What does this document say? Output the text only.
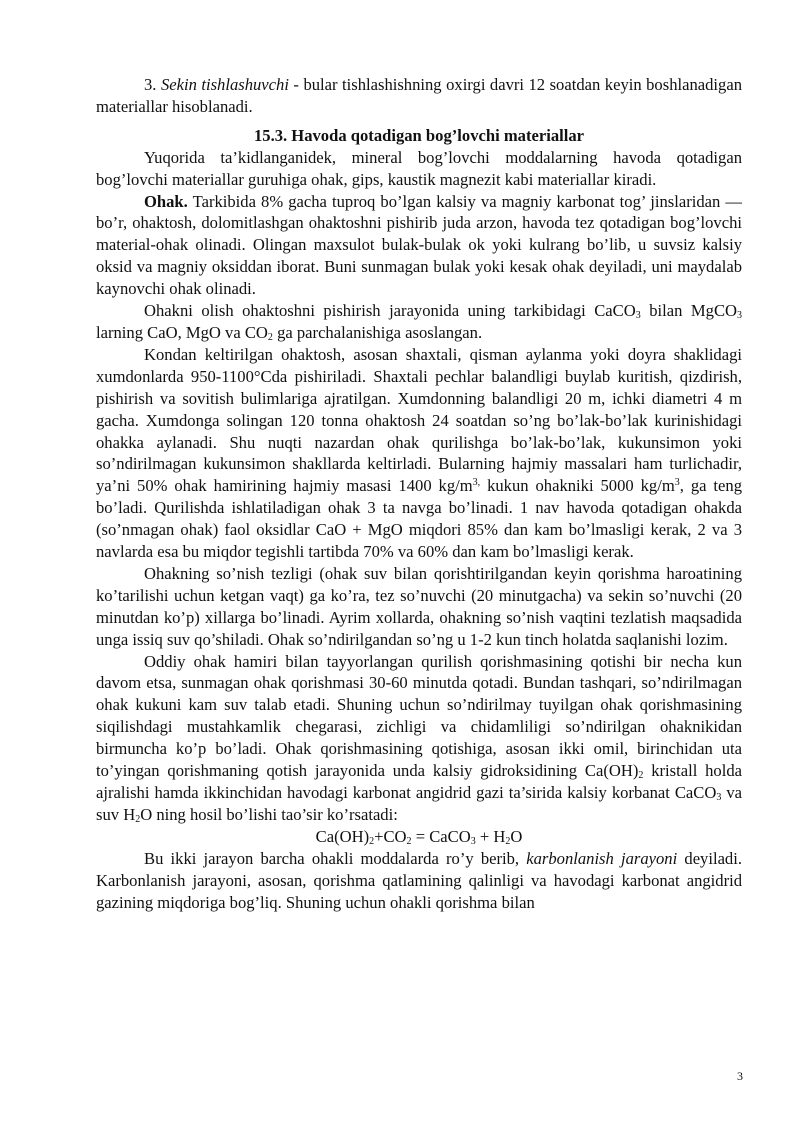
3. Sekin tishlashuvchi - bular tishlashishning oxirgi davri 12 soatdan keyin boshlanadigan materiallar hisoblanadi.

15.3. Havoda qotadigan bog’lovchi materiallar

Yuqorida ta’kidlanganidek, mineral bog’lovchi moddalarning havoda qotadigan bog’lovchi materiallar guruhiga ohak, gips, kaustik magnezit kabi materiallar kiradi.

Ohak. Tarkibida 8% gacha tuproq bo’lgan kalsiy va magniy karbonat tog’ jinslaridan — bo’r, ohaktosh, dolomitlashgan ohaktoshni pishirib juda arzon, havoda tez qotadigan bog’lovchi material-ohak olinadi. Olingan maxsulot bulak-bulak ok yoki kulrang bo’lib, u suvsiz kalsiy oksid va magniy oksiddan iborat. Buni sunmagan bulak yoki kesak ohak deyiladi, uni maydalab kaynovchi ohak olinadi.

Ohakni olish ohaktoshni pishirish jarayonida uning tarkibidagi CaCO$_3$ bilan MgCO$_3$ larning CaO, MgO va $CO_2$ ga parchalanishiga asoslangan.

Kondan keltirilgan ohaktosh, asosan shaxtali, qisman aylanma yoki doyra shaklidagi xumdonlarda 950-1100°Cda pishiriladi. Shaxtali pechlar balandligi buylab kuritish, qizdirish, pishirish va sovitish bulimlariga ajratilgan. Xumdonning balandligi 20 m, ichki diametri 4 m gacha. Xumdonga solingan 120 tonna ohaktosh 24 soatdan so’ng bo’lak-bo’lak kurinishidagi ohakka aylanadi. Shu nuqti nazardan ohak qurilishga bo’lak-bo’lak, kukunsimon yoki so’ndirilmagan kukunsimon shakllarda keltirladi. Bularning hajmiy massalari ham turlichadir, ya’ni 50% ohak hamirining hajmiy masasi 1400 $kg/m^{3,}$ kukun ohakniki 5000 $kg/m^3$, ga teng bo’ladi. Qurilishda ishlatiladigan ohak 3 ta navga bo’linadi. 1 nav havoda qotadigan ohakda (so’nmagan ohak) faol oksidlar CaO + MgO miqdori 85% dan kam bo’lmasligi kerak, 2 va 3 navlarda esa bu miqdor tegishli tartibda 70% va 60% dan kam bo’lmasligi kerak.

Ohakning so’nish tezligi (ohak suv bilan qorishtirilgandan keyin qorishma haroatining ko’tarilishi uchun ketgan vaqt) ga ko’ra, tez so’nuvchi (20 minutgacha) va sekin so’nuvchi (20 minutdan ko’p) xillarga bo’linadi. Ayrim xollarda, ohakning so’nish vaqtini tezlatish maqsadida unga issiq suv qo’shiladi. Ohak so’ndirilgandan so’ng u 1-2 kun tinch holatda saqlanishi lozim.

Oddiy ohak hamiri bilan tayyorlangan qurilish qorishmasining qotishi bir necha kun davom etsa, sunmagan ohak qorishmasi 30-60 minutda qotadi. Bundan tashqari, so’ndirilmagan ohak kukuni kam suv talab etadi. Shuning uchun so’ndirilmay tuyilgan ohak qorishmasining siqilishdagi mustahkamlik chegarasi, zichligi va chidamliligi so’ndirilgan ohaknikidan birmuncha ko’p bo’ladi. Ohak qorishmasining qotishiga, asosan ikki omil, birinchidan uta to’yingan qorishmaning qotish jarayonida unda kalsiy gidroksidining $Ca(OH)_2$ kristall holda ajralishi hamda ikkinchidan havodagi karbonat angidrid gazi ta’sirida kalsiy korbanat CaCO$_3$ va suv $H_2O$ ning hosil bo’lishi tao’sir ko’rsatadi:

$Ca(OH)_2+CO_2$ = CaCO$_3$ + $H_2O$

Bu ikki jarayon barcha ohakli moddalarda ro’y berib, karbonlanish jarayoni deyiladi. Karbonlanish jarayoni, asosan, qorishma qatlamining qalinligi va havodagi karbonat angidrid gazining miqdoriga bog’liq. Shuning uchun ohakli qorishma bilan

3
